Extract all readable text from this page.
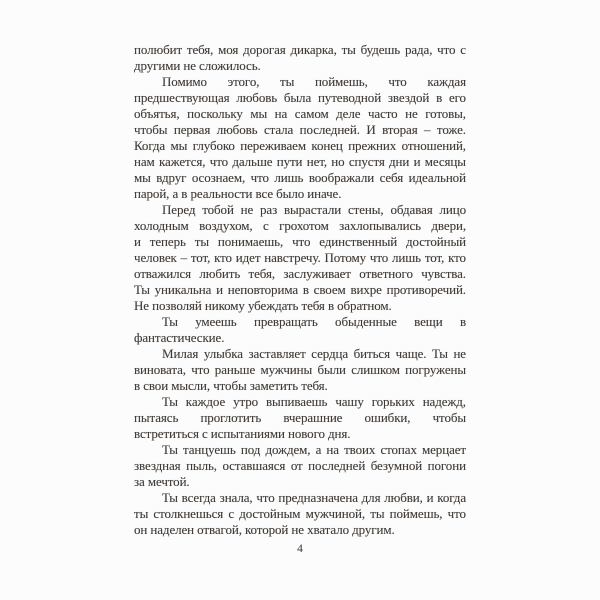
полюбит тебя, моя дорогая дикарка, ты будешь рада, что с
другими не сложилось.
Помимо этого, ты поймешь, что каждая
предшествующая любовь была путеводной звездой в его
объятья, поскольку мы на самом деле часто не готовы,
чтобы первая любовь стала последней. И вторая – тоже.
Когда мы глубоко переживаем конец прежних отношений,
нам кажется, что дальше пути нет, но спустя дни и месяцы
мы вдруг осознаем, что лишь воображали себя идеальной
парой, а в реальности все было иначе.
Перед тобой не раз вырастали стены, обдавая лицо
холодным воздухом, с грохотом захлопывались двери,
и теперь ты понимаешь, что единственный достойный
человек – тот, кто идет навстречу. Потому что лишь тот, кто
отважился любить тебя, заслуживает ответного чувства.
Ты уникальна и неповторима в своем вихре противоречий.
Не позволяй никому убеждать тебя в обратном.
Ты умеешь превращать обыденные вещи в
фантастические.
Милая улыбка заставляет сердца биться чаще. Ты не
виновата, что раньше мужчины были слишком погружены
в свои мысли, чтобы заметить тебя.
Ты каждое утро выпиваешь чашу горьких надежд,
пытаясь проглотить вчерашние ошибки, чтобы
встретиться с испытаниями нового дня.
Ты танцуешь под дождем, а на твоих стопах мерцает
звездная пыль, оставшаяся от последней безумной погони
за мечтой.
Ты всегда знала, что предназначена для любви, и когда
ты столкнешься с достойным мужчиной, ты поймешь, что
он наделен отвагой, которой не хватало другим.
4
